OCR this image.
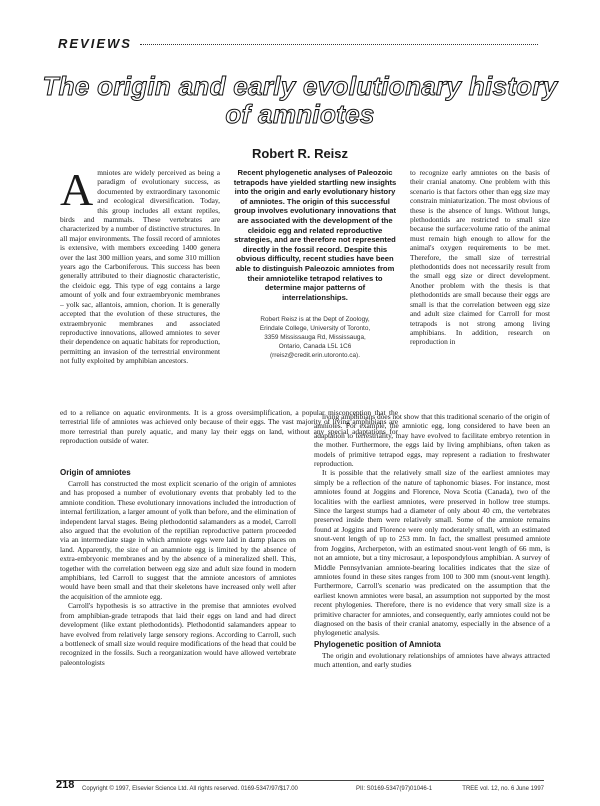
REVIEWS
The origin and early evolutionary history
of amniotes
Robert R. Reisz
Amniotes are widely perceived as being a paradigm of evolutionary success, as documented by extraordinary taxonomic and ecological diversification. Today, this group includes all extant reptiles, birds and mammals. These vertebrates are characterized by a number of distinctive structures. In all major environments. The fossil record of amniotes is extensive, with members exceeding 1400 genera over the last 300 million years, and some 310 million years ago the Carboniferous. This success has been generally attributed to their diagnostic characteristic, the cleidoic egg. This type of egg contains a large amount of yolk and four extraembryonic membranes – yolk sac, allantois, amnion, chorion. It is generally accepted that the evolution of these structures, the extraembryonic membranes and associated reproductive innovations, allowed amniotes to sever their dependence on aquatic habitats for reproduction, permitting an invasion of the terrestrial environment not fully exploited by amphibian ancestors.
Recent phylogenetic analyses of Paleozoic tetrapods have yielded startling new insights into the origin and early evolutionary history of amniotes. The origin of this successful group involves evolutionary innovations that are associated with the development of the cleidoic egg and related reproductive strategies, and are therefore not represented directly in the fossil record. Despite this obvious difficulty, recent studies have been able to distinguish Paleozoic amniotes from their amniotelike tetrapod relatives to determine major patterns of interrelationships.
Robert Reisz is at the Dept of Zoology,
Erindale College, University of Toronto,
3359 Mississauga Rd, Mississauga,
Ontario, Canada L5L 1C6
(rreisz@credit.erin.utoronto.ca).
to recognize early amniotes on the basis of their cranial anatomy. One problem with this scenario is that factors other than egg size may constrain miniaturization. The most obvious of these is the absence of lungs. Without lungs, plethodontids are restricted to small size because the surface:volume ratio of the animal must remain high enough to allow for the animal's oxygen requirements to be met. Therefore, the small size of terrestrial plethodontids does not necessarily result from the small egg size or direct development. Another problem with the thesis is that plethodontids are small because their eggs are small is that the correlation between egg size and adult size claimed for Carroll for most tetrapods is not strong among living amphibians. In addition, research on reproduction in
ed to a reliance on aquatic environments. It is a gross oversimplification, a popular misconception that the terrestrial life of amniotes was achieved only because of their eggs. The vast majority of living amphibians are more terrestrial than purely aquatic, and many lay their eggs on land, without any special adaptations for reproduction outside of water.
Origin of amniotes

Carroll has constructed the most explicit scenario of the origin of amniotes and has proposed a number of evolutionary events that probably led to the amniote condition. These evolutionary innovations included the introduction of internal fertilization, a larger amount of yolk than before, and the elimination of independent larval stages. Being plethodontid salamanders as a model, Carroll also argued that the evolution of the reptilian reproductive pattern proceeded via an intermediate stage in which amniote eggs were laid in damp places on land. Apparently, the size of an anamniote egg is limited by the absence of extra-embryonic membranes and by the absence of a mineralized shell. This, together with the correlation between egg size and adult size found in modern amphibians, led Carroll to suggest that the amniote ancestors of amniotes would have been small and that their skeletons have increased only well after the acquisition of the amniote egg.

Carroll's hypothesis is so attractive in the premise that amniotes evolved from amphibian-grade tetrapods that laid their eggs on land and had direct development (like extant plethodontids). Plethodontid salamanders appear to have evolved from relatively large sensory regions. According to Carroll, such a bottleneck of small size would require modifications of the head that could be recognized in the fossils. Such a reorganization would have allowed vertebrate paleontologists

living amphibians does not show that this traditional scenario of the origin of amniotes. For example, the amniotic egg, long considered to have been an adaptation to terrestriality, may have evolved to facilitate embryo retention in the mother. Furthermore, the eggs laid by living amphibians, often taken as models of primitive tetrapod eggs, may represent a radiation to freshwater reproduction.

It is possible that the relatively small size of the earliest amniotes may simply be a reflection of the nature of taphonomic biases. For instance, most amniotes found at Joggins and Florence, Nova Scotia (Canada), two of the localities with the earliest amniotes, were preserved in hollow tree stumps. Since the largest stumps had a diameter of only about 40 cm, the vertebrates preserved inside them were relatively small. Some of the amniote remains found at Joggins and Florence were only moderately small, with an estimated snout-vent length of up to 253 mm. In fact, the smallest presumed amniote from Joggins, Archerpeton, with an estimated snout-vent length of 66 mm, is not an amniote, but a tiny microsaur, a lepospondylous amphibian. A survey of Middle Pennsylvanian amniote-bearing localities indicates that the size of amniotes found in these sites ranges from 100 to 300 mm (snout-vent length). Furthermore, Carroll's scenario was predicated on the assumption that the earliest known amniotes were basal, an assumption not supported by the most recent phylogenies. Therefore, there is no evidence that very small size is a primitive character for amniotes, and consequently, early amniotes could not be diagnosed on the basis of their cranial anatomy, especially in the absence of a phylogenetic analysis.

Phylogenetic position of Amniota

The origin and evolutionary relationships of amniotes have always attracted much attention, and early studies

218 Copyright © 1997, Elsevier Science Ltd. All rights reserved. 0169-5347/97/$17.00	PII: S0169-5347(97)01046-1	TREE vol. 12, no. 6 June 1997
